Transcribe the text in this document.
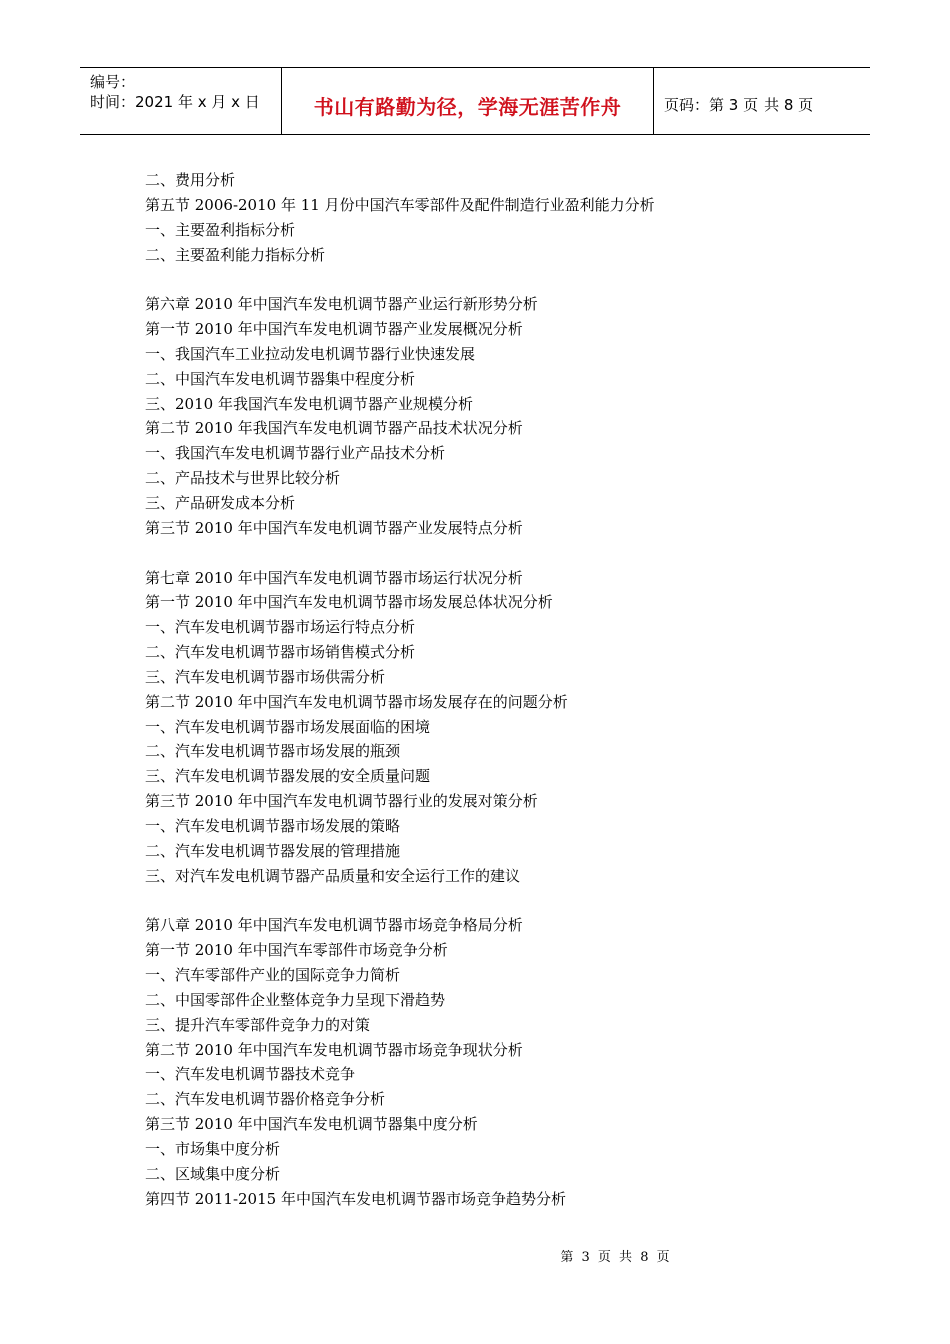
编号：
时间：2021 年 x 月 x 日	书山有路勤为径，学海无涯苦作舟	页码：第 3 页 共 8 页
二、费用分析
第五节 2006-2010 年 11 月份中国汽车零部件及配件制造行业盈利能力分析
一、主要盈利指标分析
二、主要盈利能力指标分析
第六章 2010 年中国汽车发电机调节器产业运行新形势分析
第一节 2010 年中国汽车发电机调节器产业发展概况分析
一、我国汽车工业拉动发电机调节器行业快速发展
二、中国汽车发电机调节器集中程度分析
三、2010 年我国汽车发电机调节器产业规模分析
第二节 2010 年我国汽车发电机调节器产品技术状况分析
一、我国汽车发电机调节器行业产品技术分析
二、产品技术与世界比较分析
三、产品研发成本分析
第三节 2010 年中国汽车发电机调节器产业发展特点分析
第七章 2010 年中国汽车发电机调节器市场运行状况分析
第一节 2010 年中国汽车发电机调节器市场发展总体状况分析
一、汽车发电机调节器市场运行特点分析
二、汽车发电机调节器市场销售模式分析
三、汽车发电机调节器市场供需分析
第二节 2010 年中国汽车发电机调节器市场发展存在的问题分析
一、汽车发电机调节器市场发展面临的困境
二、汽车发电机调节器市场发展的瓶颈
三、汽车发电机调节器发展的安全质量问题
第三节 2010 年中国汽车发电机调节器行业的发展对策分析
一、汽车发电机调节器市场发展的策略
二、汽车发电机调节器发展的管理措施
三、对汽车发电机调节器产品质量和安全运行工作的建议
第八章 2010 年中国汽车发电机调节器市场竞争格局分析
第一节 2010 年中国汽车零部件市场竞争分析
一、汽车零部件产业的国际竞争力简析
二、中国零部件企业整体竞争力呈现下滑趋势
三、提升汽车零部件竞争力的对策
第二节 2010 年中国汽车发电机调节器市场竞争现状分析
一、汽车发电机调节器技术竞争
二、汽车发电机调节器价格竞争分析
第三节 2010 年中国汽车发电机调节器集中度分析
一、市场集中度分析
二、区域集中度分析
第四节 2011-2015 年中国汽车发电机调节器市场竞争趋势分析
第 3 页 共 8 页
